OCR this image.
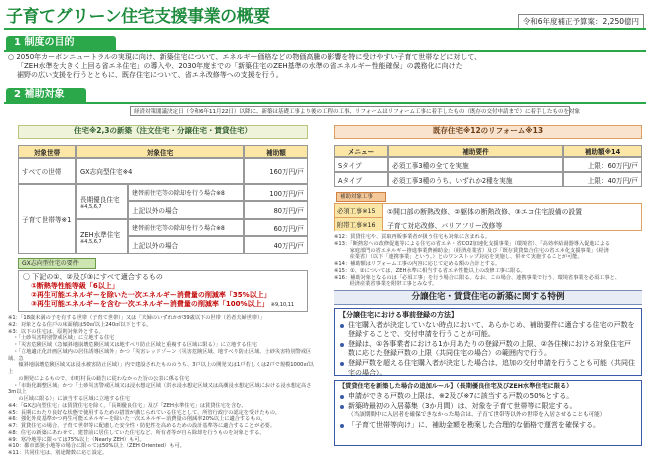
子育てグリーン住宅支援事業の概要	令和6年度補正予算案：2,250億円
1 制度の目的
○ 2050年カーボンニュートラルの実現に向け、新築住宅について、エネルギー価格などの物価高騰の影響を特に受けやすい子育て世帯などに対して、
「ZEH水準を大きく上回る省エネ住宅」の導入や、2030年度までの「新築住宅のZEH基準の水準の省エネルギー性能確保」の義務化に向けた
裾野の広い支援を行うとともに、既存住宅について、省エネ改修等への支援を行う。
2 補助対象
経済対策閣議決定日（令和6年11月22日）以降に、新築は基礎工事より後の工程の工事、リフォームはリフォーム工事に着手したもの（既存の交付申請まで）に着手したものを対象
住宅※2,3の新築（注文住宅・分譲住宅・賃貸住宅）
対象世帯	対象住宅	補助額
すべての世帯	GX志向型住宅※4	160万円/戸
子育て世帯等※1
長期優良住宅
※4,5,6,7
建替前住宅等の除却を行う場合※8	100万円/戸
上記以外の場合	80万円/戸
ZEH水準住宅
※4,5,6,7
建替前住宅等の除却を行う場合※8	60万円/戸
上記以外の場合	40万円/戸
GX志向型住宅の要件
〇 下記の①、②及び③にすべて適合するもの
①断熱等性能等級「6以上」
②再生可能エネルギーを除いた一次エネルギー消費量の削減率「35%以上」
③再生可能エネルギーを含む一次エネルギー消費量の削減率「100%以上」 ※9,10,11
※1：「18歳未満の子を有する世帯（子育て世帯）」又は「夫婦のいずれかが39歳以下の世帯（若者夫婦世帯）」
※2：対象となる住戸の床面積は50㎡以上240㎡以下とする。
※3：以下の住宅は、原則対象外とする。
　・「土砂災害特別警戒区域」に立地する住宅
　・「災害危険区域（急傾斜地崩壊危険区域又は地すべり防止区域と重複する区域に限る）」に立地する住宅
　・「立地適正化計画区域内の居住誘導区域外」かつ「災害レッドゾーン（災害危険区域、地すべり防止区域、土砂災害特別警戒区域、急
　　傾斜地崩壊危険区域又は浸水被害防止区域）」内で建設されたもののうち、3戸以上の開発又は1戸若しくは2戸で規模1000㎡以上
　　の開発によるもので、市町村長の勧告に従わなかった旨の公表に係る住宅
　・「市街化調整区域」かつ「土砂災害警戒区域又は浸水想定区域（洪水浸水想定区域又は高潮浸水想定区域における浸水想定高さ3m以上
　　の区域に限る）」に該当する区域に立地する住宅
※4：「GX志向型住宅」は賃貸住宅を除く。「長期優良住宅」及び「ZEH水準住宅」は賃貸住宅を含む。
※5：長期にわたり良好な状態で使用するための措置が講じられている住宅として、所管行政庁の認定を受けたもの。
※6：強化外皮基準かつ再生可能エネルギーを除いた一次エネルギー消費量の削減率20%以上に適合するもの。
※7：賃貸住宅の場合、子育て世帯等に配慮した安全性・防犯性を高めるための設計基準等に適合することが必要。
※8：住宅の新築にあわせて、建替前に居住していた住宅など、所有者等が自ら除却を行うものを対象とする。
※9：寒冷地等に限っては75%以上（Nearly ZEH）も可。
※10：都市部狭小地等の場合に限っては50%以上（ZEH Oriented）も可。
※11：共同住宅は、別途階数に応じ設定。
既存住宅※12のリフォーム※13
メニュー	補助要件	補助額※14
Sタイプ	必須工事3種の全てを実施	上限：60万円/戸
Aタイプ	必須工事3種のうち、いずれか2種を実施	上限：40万円/戸
補助対象工事
必須工事※15	①開口部の断熱改修、②躯体の断熱改修、③エコ住宅設備の設置
附帯工事※16	子育て対応改修、バリアフリー改修等
※12：賃貸住宅や、買取再販事業者が扱う住宅も対象に含まれる。
※13：「断熱窓への改修促進等による住宅の省エネ・省CO2加速化支援事業」（環境省）、「高効率給湯器導入促進による
　　　家庭部門の省エネルギー推進事業費補助金」（経済産業省）及び「既存賃貸集合住宅の省エネ化支援事業」（経済
　　　産業省）（以下「連携事業」という。）とのワンストップ対応を実施し、併せて実施することが可能。
※14：補助額はリフォーム工事の内容に応じて定める額の合計とする。
※15：①、②については、ZEH水準に相当する省エネ性能以上の改修工事に限る。
※16：補助対象となるのは「必須工事」を行う場合に限る。なお、この場合、連携事業で行う、環境省事業を必須工事と、
　　　経済産業省事業を附帯工事とみなす。
分譲住宅・賃貸住宅の新築に関する特例
【分譲住宅における事前登録の方法】
住宅購入者が決定していない時点において、あらかじめ、補助要件に適合する住宅の戸数を登録することで、交付申請を行うことが可能。
登録は、①各事業者における1か月あたりの登録戸数の上限、②各住棟における対象住宅戸数に応じた登録戸数の上限（共同住宅の場合）の範囲内で行う。
登録戸数を超える住宅購入者が決定した場合は、追加の交付申請を行うことも可能（共同住宅の場合）。
【賃貸住宅を新築した場合の追加ルール】（長期優良住宅及びZEH水準住宅に限る）
申請ができる戸数の上限は、※2及び※7に該当する戸数の50%とする。
新築時最初の入居募集（3か月間）は、対象を子育て世帯等に限定する。
（当該期間中に入居者を確保できなかった場合は、子育て世帯等以外の世帯を入居させることも可能）
「子育て世帯等向け」に、補助金額を勘案した合理的な価格で運営を確保する。
